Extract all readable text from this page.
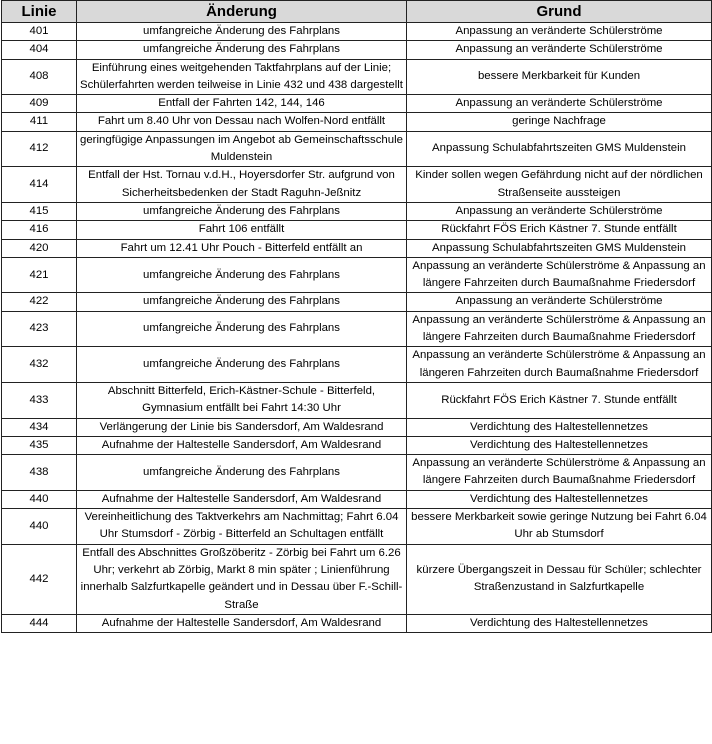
Linie	Änderung	Grund
401	umfangreiche Änderung des Fahrplans	Anpassung an veränderte Schülerströme
404	umfangreiche Änderung des Fahrplans	Anpassung an veränderte Schülerströme
408	Einführung eines weitgehenden Taktfahrplans auf der Linie; Schülerfahrten werden teilweise in Linie 432 und 438 dargestellt	bessere Merkbarkeit für Kunden
409	Entfall der Fahrten 142, 144, 146	Anpassung an veränderte Schülerströme
411	Fahrt um 8.40 Uhr von Dessau nach Wolfen-Nord entfällt	geringe Nachfrage
412	geringfügige Anpassungen im Angebot ab Gemeinschaftsschule Muldenstein	Anpassung Schulabfahrtszeiten GMS Muldenstein
414	Entfall der Hst. Tornau v.d.H., Hoyersdorfer Str. aufgrund von Sicherheitsbedenken der Stadt Raguhn-Jeßnitz	Kinder sollen wegen Gefährdung nicht auf der nördlichen Straßenseite aussteigen
415	umfangreiche Änderung des Fahrplans	Anpassung an veränderte Schülerströme
416	Fahrt 106 entfällt	Rückfahrt FÖS Erich Kästner 7. Stunde entfällt
420	Fahrt um 12.41 Uhr Pouch - Bitterfeld entfällt an	Anpassung Schulabfahrtszeiten GMS Muldenstein
421	umfangreiche Änderung des Fahrplans	Anpassung an veränderte Schülerströme & Anpassung an längere Fahrzeiten durch Baumaßnahme Friedersdorf
422	umfangreiche Änderung des Fahrplans	Anpassung an veränderte Schülerströme
423	umfangreiche Änderung des Fahrplans	Anpassung an veränderte Schülerströme & Anpassung an längere Fahrzeiten durch Baumaßnahme Friedersdorf
432	umfangreiche Änderung des Fahrplans	Anpassung an veränderte Schülerströme & Anpassung an längeren Fahrzeiten durch Baumaßnahme Friedersdorf
433	Abschnitt Bitterfeld, Erich-Kästner-Schule - Bitterfeld, Gymnasium entfällt bei Fahrt 14:30 Uhr	Rückfahrt FÖS Erich Kästner 7. Stunde entfällt
434	Verlängerung der Linie bis Sandersdorf, Am Waldesrand	Verdichtung des Haltestellennetzes
435	Aufnahme der Haltestelle Sandersdorf, Am Waldesrand	Verdichtung des Haltestellennetzes
438	umfangreiche Änderung des Fahrplans	Anpassung an veränderte Schülerströme & Anpassung an längere Fahrzeiten durch Baumaßnahme Friedersdorf
440	Aufnahme der Haltestelle Sandersdorf, Am Waldesrand	Verdichtung des Haltestellennetzes
440	Vereinheitlichung des Taktverkehrs am Nachmittag; Fahrt 6.04 Uhr Stumsdorf - Zörbig - Bitterfeld an Schultagen entfällt	bessere Merkbarkeit sowie geringe Nutzung bei Fahrt 6.04 Uhr ab Stumsdorf
442	Entfall des Abschnittes Großzöberitz - Zörbig bei Fahrt um 6.26 Uhr; verkehrt ab Zörbig, Markt 8 min später ; Linienführung innerhalb Salzfurtkapelle geändert und in Dessau über F.-Schill-Straße	kürzere Übergangszeit in Dessau für Schüler; schlechter Straßenzustand in Salzfurtkapelle
444	Aufnahme der Haltestelle Sandersdorf, Am Waldesrand	Verdichtung des Haltestellennetzes
